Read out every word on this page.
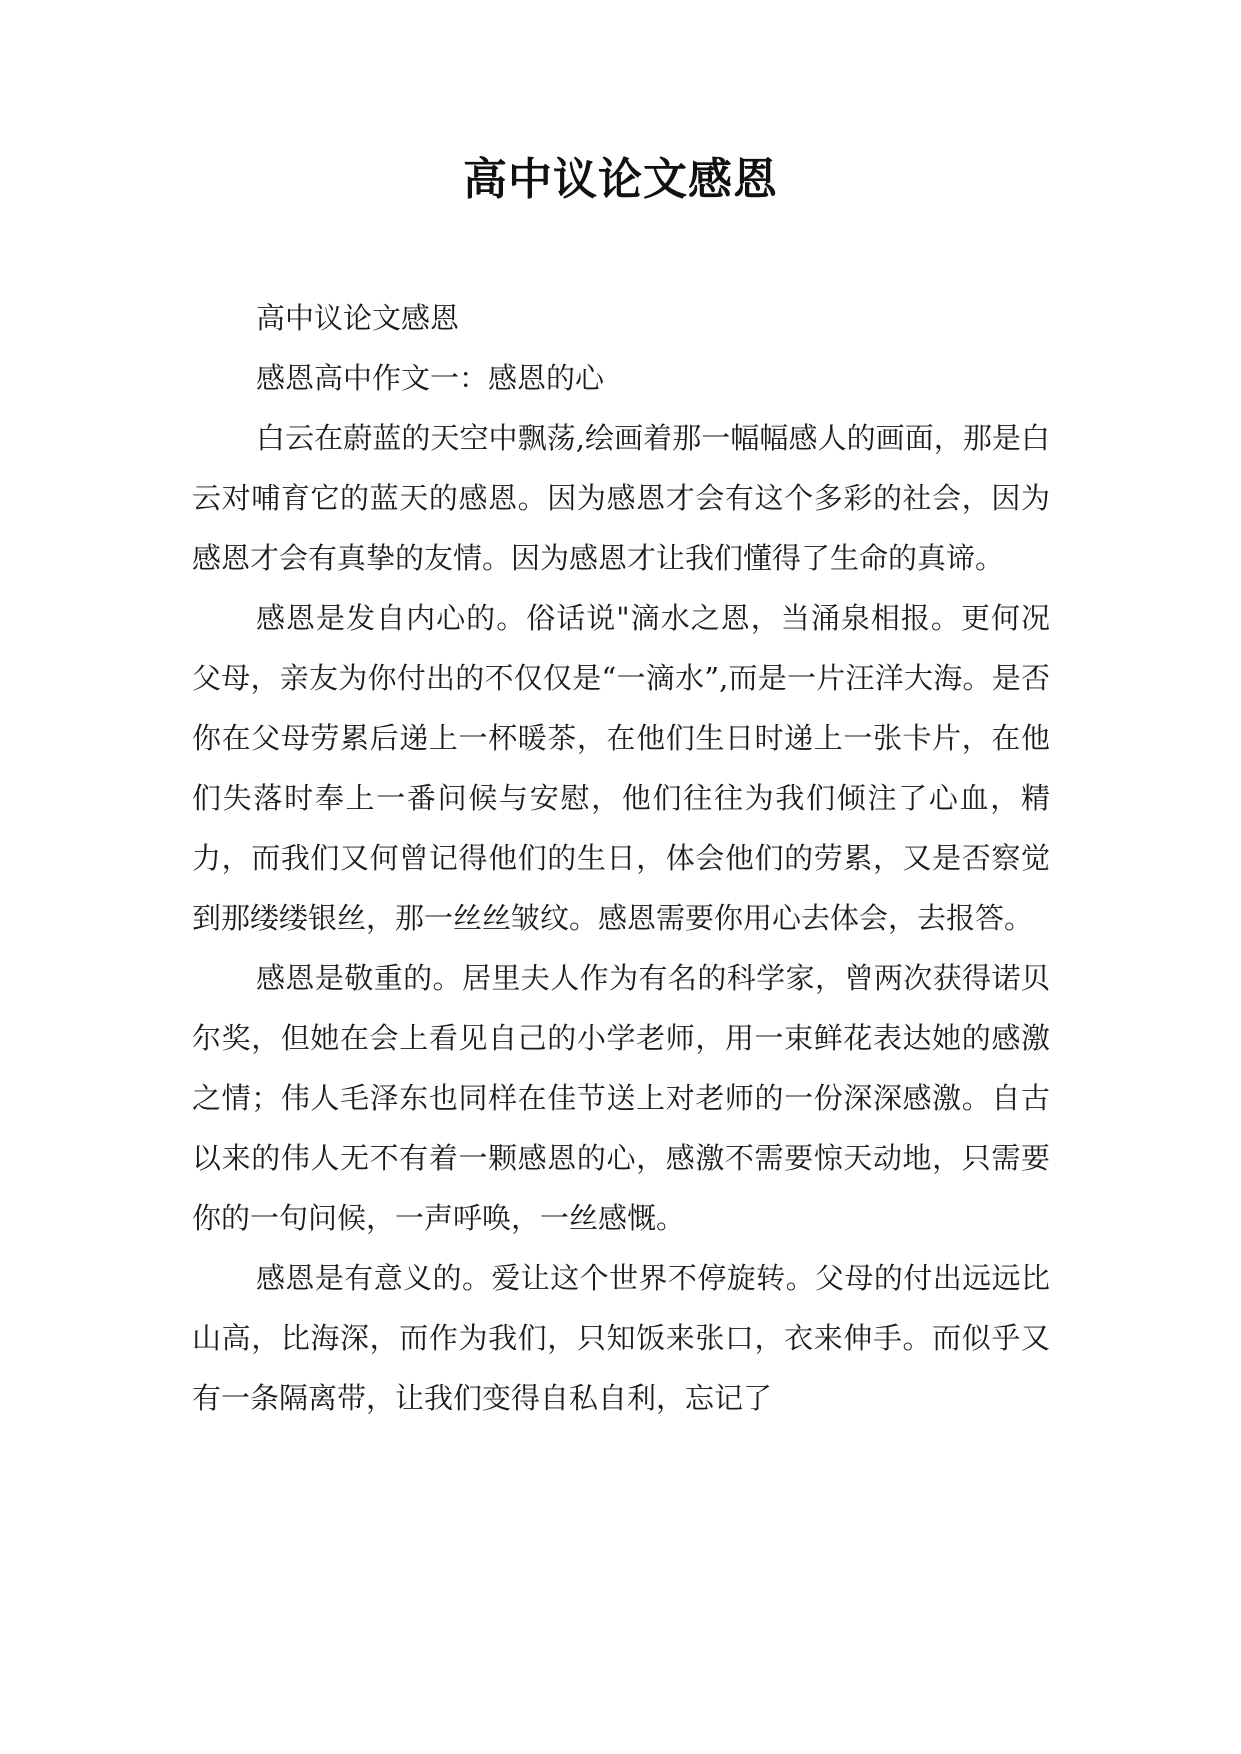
高中议论文感恩

高中议论文感恩

感恩高中作文一：感恩的心

白云在蔚蓝的天空中飘荡,绘画着那一幅幅感人的画面，那是白云对哺育它的蓝天的感恩。因为感恩才会有这个多彩的社会，因为感恩才会有真挚的友情。因为感恩才让我们懂得了生命的真谛。

感恩是发自内心的。俗话说"滴水之恩，当涌泉相报。更何况父母，亲友为你付出的不仅仅是“一滴水”,而是一片汪洋大海。是否你在父母劳累后递上一杯暖茶，在他们生日时递上一张卡片，在他们失落时奉上一番问候与安慰，他们往往为我们倾注了心血，精力，而我们又何曾记得他们的生日，体会他们的劳累，又是否察觉到那缕缕银丝，那一丝丝皱纹。感恩需要你用心去体会，去报答。

感恩是敬重的。居里夫人作为有名的科学家，曾两次获得诺贝尔奖，但她在会上看见自己的小学老师，用一束鲜花表达她的感激之情；伟人毛泽东也同样在佳节送上对老师的一份深深感激。自古以来的伟人无不有着一颗感恩的心，感激不需要惊天动地，只需要你的一句问候，一声呼唤，一丝感慨。

感恩是有意义的。爱让这个世界不停旋转。父母的付出远远比山高，比海深，而作为我们，只知饭来张口，衣来伸手。而似乎又有一条隔离带，让我们变得自私自利，忘记了
